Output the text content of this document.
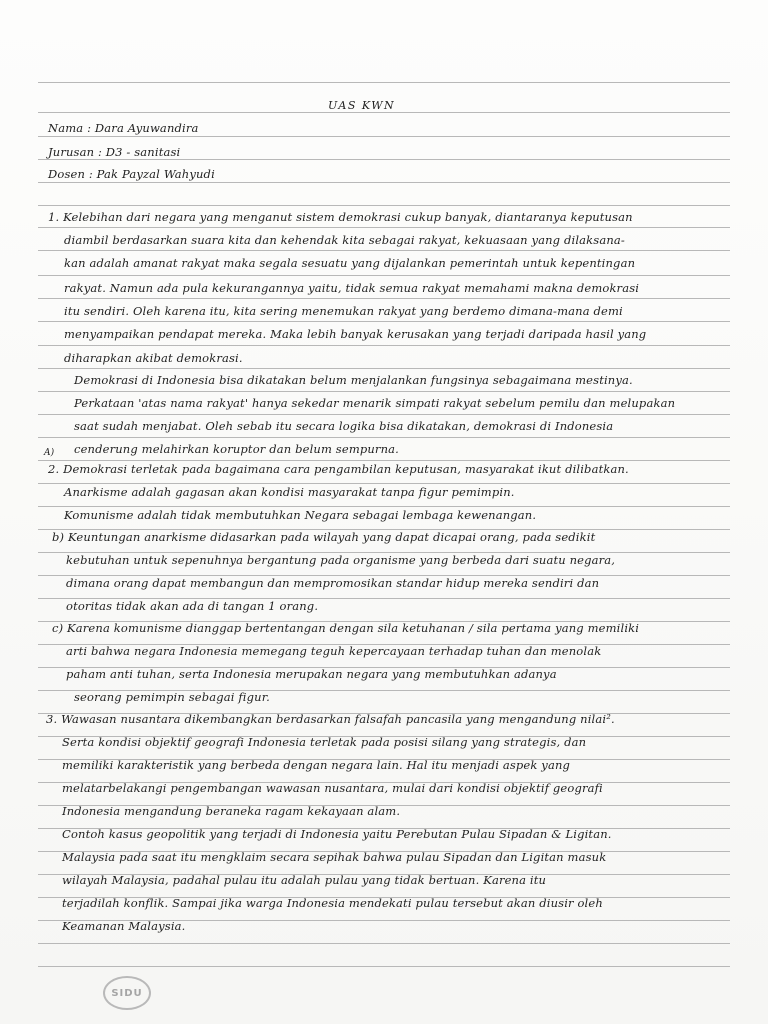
UAS KWN
Nama : Dara Ayuwandira
Jurusan : D3 - sanitasi
Dosen : Pak Payzal Wahyudi
A)
1. Kelebihan dari negara yang menganut sistem demokrasi cukup banyak, diantaranya keputusan
diambil berdasarkan suara kita dan kehendak kita sebagai rakyat, kekuasaan yang dilaksana-
kan adalah amanat rakyat maka segala sesuatu yang dijalankan pemerintah untuk kepentingan
rakyat. Namun ada pula kekurangannya yaitu, tidak semua rakyat memahami makna demokrasi
itu sendiri. Oleh karena itu, kita sering menemukan rakyat yang berdemo dimana-mana demi
menyampaikan pendapat mereka. Maka lebih banyak kerusakan yang terjadi daripada hasil yang
diharapkan akibat demokrasi.
Demokrasi di Indonesia bisa dikatakan belum menjalankan fungsinya sebagaimana mestinya.
Perkataan 'atas nama rakyat' hanya sekedar menarik simpati rakyat sebelum pemilu dan melupakan
saat sudah menjabat. Oleh sebab itu secara logika bisa dikatakan, demokrasi di Indonesia
cenderung melahirkan koruptor dan belum sempurna.
2. Demokrasi terletak pada bagaimana cara pengambilan keputusan, masyarakat ikut dilibatkan.
Anarkisme adalah gagasan akan kondisi masyarakat tanpa figur pemimpin.
Komunisme adalah tidak membutuhkan Negara sebagai lembaga kewenangan.
b) Keuntungan anarkisme didasarkan pada wilayah yang dapat dicapai orang, pada sedikit
kebutuhan untuk sepenuhnya bergantung pada organisme yang berbeda dari suatu negara,
dimana orang dapat membangun dan mempromosikan standar hidup mereka sendiri dan
otoritas tidak akan ada di tangan 1 orang.
c) Karena komunisme dianggap bertentangan dengan sila ketuhanan / sila pertama yang memiliki
arti bahwa negara Indonesia memegang teguh kepercayaan terhadap tuhan dan menolak
paham anti tuhan, serta Indonesia merupakan negara yang membutuhkan adanya
seorang pemimpin sebagai figur.
3. Wawasan nusantara dikembangkan berdasarkan falsafah pancasila yang mengandung nilai².
Serta kondisi objektif geografi Indonesia terletak pada posisi silang yang strategis, dan
memiliki karakteristik yang berbeda dengan negara lain. Hal itu menjadi aspek yang
melatarbelakangi pengembangan wawasan nusantara, mulai dari kondisi objektif geografi
Indonesia mengandung beraneka ragam kekayaan alam.
Contoh kasus geopolitik yang terjadi di Indonesia yaitu Perebutan Pulau Sipadan & Ligitan.
Malaysia pada saat itu mengklaim secara sepihak bahwa pulau Sipadan dan Ligitan masuk
wilayah Malaysia, padahal pulau itu adalah pulau yang tidak bertuan. Karena itu
terjadilah konflik. Sampai jika warga Indonesia mendekati pulau tersebut akan diusir oleh
Keamanan Malaysia.
SIDU
